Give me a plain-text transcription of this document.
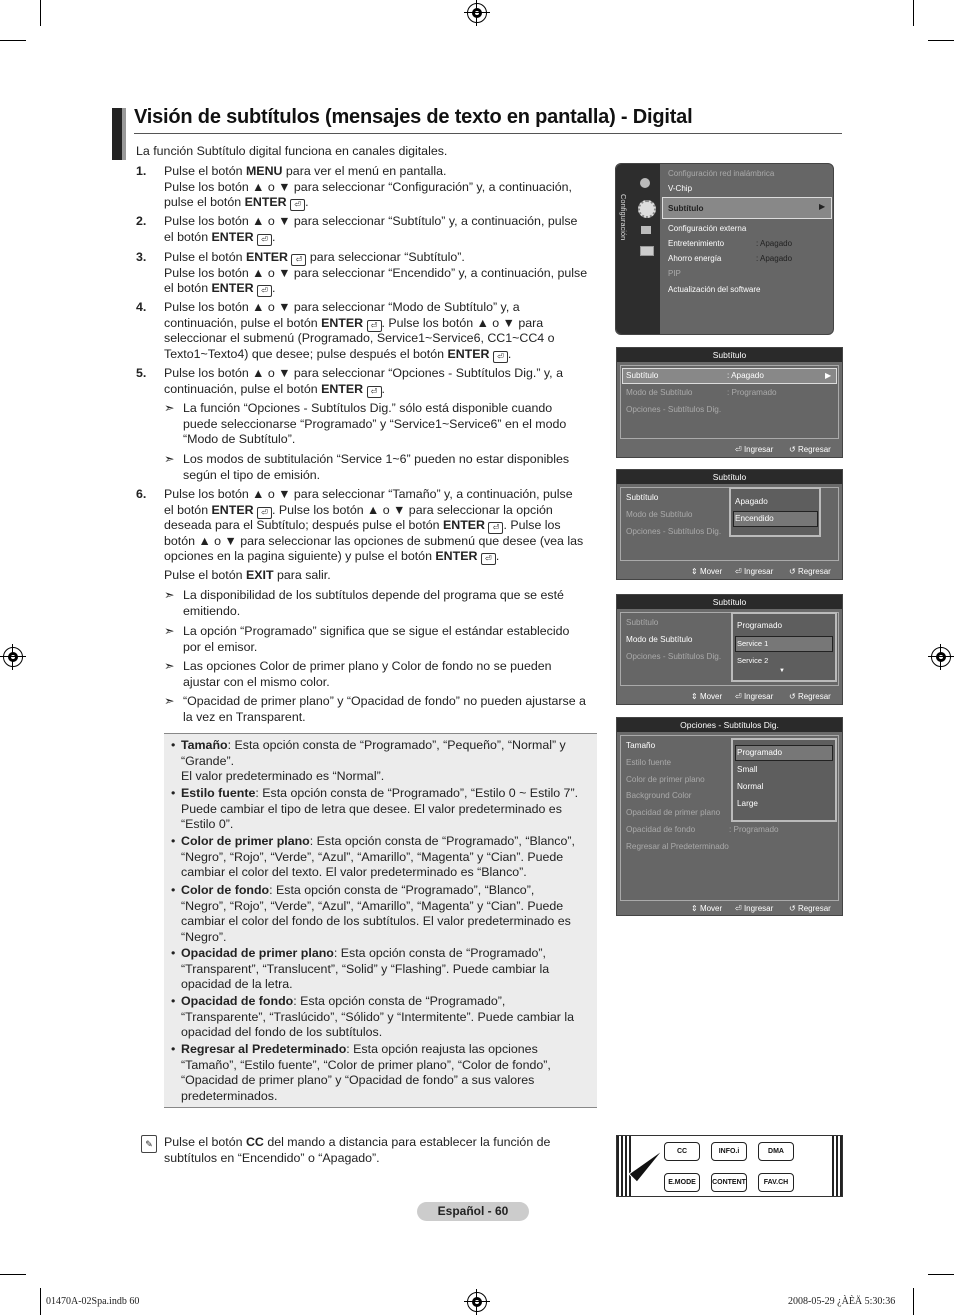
Visión de subtítulos (mensajes de texto en pantalla) - Digital
La función Subtítulo digital funciona en canales digitales.
1. Pulse el botón MENU para ver el menú en pantalla.
Pulse los botón ▲ o ▼ para seleccionar “Configuración” y, a continuación,
pulse el botón ENTER ⏎ .
2. Pulse los botón ▲ o ▼ para seleccionar “Subtítulo” y, a continuación, pulse
el botón ENTER ⏎ .
3. Pulse el botón ENTER ⏎ para seleccionar “Subtítulo”.
Pulse los botón ▲ o ▼ para seleccionar “Encendido” y, a continuación, pulse
el botón ENTER ⏎ .
4. Pulse los botón ▲ o ▼ para seleccionar “Modo de Subtítulo” y, a
continuación, pulse el botón ENTER ⏎ . Pulse los botón ▲ o ▼ para
seleccionar el submenú (Programado, Service1~Service6, CC1~CC4 o
Texto1~Texto4) que desee; pulse después el botón ENTER ⏎ .
5. Pulse los botón ▲ o ▼ para seleccionar “Opciones - Subtítulos Dig.” y, a
continuación, pulse el botón ENTER ⏎ .
6. Pulse los botón ▲ o ▼ para seleccionar “Tamaño” y, a continuación, pulse
el botón ENTER ⏎ . Pulse los botón ▲ o ▼ para seleccionar la opción
deseada para el Subtítulo; después pulse el botón ENTER ⏎ . Pulse los
botón ▲ o ▼ para seleccionar las opciones de submenú que desee (vea las
opciones en la pagina siguiente) y pulse el botón ENTER ⏎ .
➣ La función “Opciones - Subtítulos Dig.” sólo está disponible cuando
puede seleccionarse “Programado” y “Service1~Service6” en el modo
“Modo de Subtítulo”.
➣ Los modos de subtitulación “Service 1~6” pueden no estar disponibles
según el tipo de emisión.
Pulse el botón EXIT para salir.
➣ La disponibilidad de los subtítulos depende del programa que se esté
emitiendo.
➣ La opción “Programado” significa que se sigue el estándar establecido
por el emisor.
➣ Las opciones Color de primer plano y Color de fondo no se pueden
ajustar con el mismo color.
➣ “Opacidad de primer plano” y “Opacidad de fondo” no pueden ajustarse a
la vez en Transparent.
• Tamaño: Esta opción consta de “Programado”, “Pequeño”, “Normal” y
“Grande”.
El valor predeterminado es “Normal”.
• Estilo fuente: Esta opción consta de “Programado”, “Estilo 0 ~ Estilo 7”.
Puede cambiar el tipo de letra que desee. El valor predeterminado es
“Estilo 0”.
• Color de primer plano: Esta opción consta de “Programado”, “Blanco”,
“Negro”, “Rojo”, “Verde”, “Azul”, “Amarillo”, “Magenta” y “Cian”. Puede
cambiar el color del texto. El valor predeterminado es “Blanco”.
• Color de fondo: Esta opción consta de “Programado”, “Blanco”,
“Negro”, “Rojo”, “Verde”, “Azul”, “Amarillo”, “Magenta” y “Cian”. Puede
cambiar el color del fondo de los subtítulos. El valor predeterminado es
“Negro”.
• Opacidad de primer plano: Esta opción consta de “Programado”,
“Transparent”, “Translucent”, “Solid” y “Flashing”. Puede cambiar la
opacidad de la letra.
• Opacidad de fondo: Esta opción consta de “Programado”,
“Transparente”, “Traslúcido”, “Sólido” y “Intermitente”. Puede cambiar la
opacidad del fondo de los subtítulos.
• Regresar al Predeterminado: Esta opción reajusta las opciones
“Tamaño”, “Estilo fuente”, “Color de primer plano”, “Color de fondo”,
“Opacidad de primer plano” y “Opacidad de fondo” a sus valores
predeterminados.
✎ Pulse el botón CC del mando a distancia para establecer la función de
subtítulos en “Encendido” o “Apagado”.
Configuración
Configuración red inalámbrica
V-Chip
Configuración externa
Entretenimiento	: Apagado
Ahorro energía	: Apagado
PIP
Actualización del software
Subtítulo	▶
Subtítulo
Subtítulo	: Apagado	▶
Modo de Subtítulo	: Programado
Opciones - Subtítulos Dig.
⏎ Ingresar ↺ Regresar
Subtítulo
Subtítulo
Modo de Subtítulo
Opciones - Subtítulos Dig.
Apagado
Encendido
⇕ Mover ⏎ Ingresar ↺ Regresar
Subtítulo
Subtítulo
Modo de Subtítulo
Opciones - Subtítulos Dig.
Programado
Service 1
Service 2
▼
⇕ Mover ⏎ Ingresar ↺ Regresar
Opciones - Subtítulos Dig.
Tamaño
Estilo fuente
Color de primer plano
Background Color
Opacidad de primer plano
Opacidad de fondo	: Programado
Regresar al Predeterminado
Programado
Small
Normal
Large
⇕ Mover ⏎ Ingresar ↺ Regresar
CC	INFO.i	DMA
E.MODE	CONTENT	FAV.CH
Español - 60
01470A-02Spa.indb 60	2008-05-29 ¿ÀÈÄ 5:30:36
